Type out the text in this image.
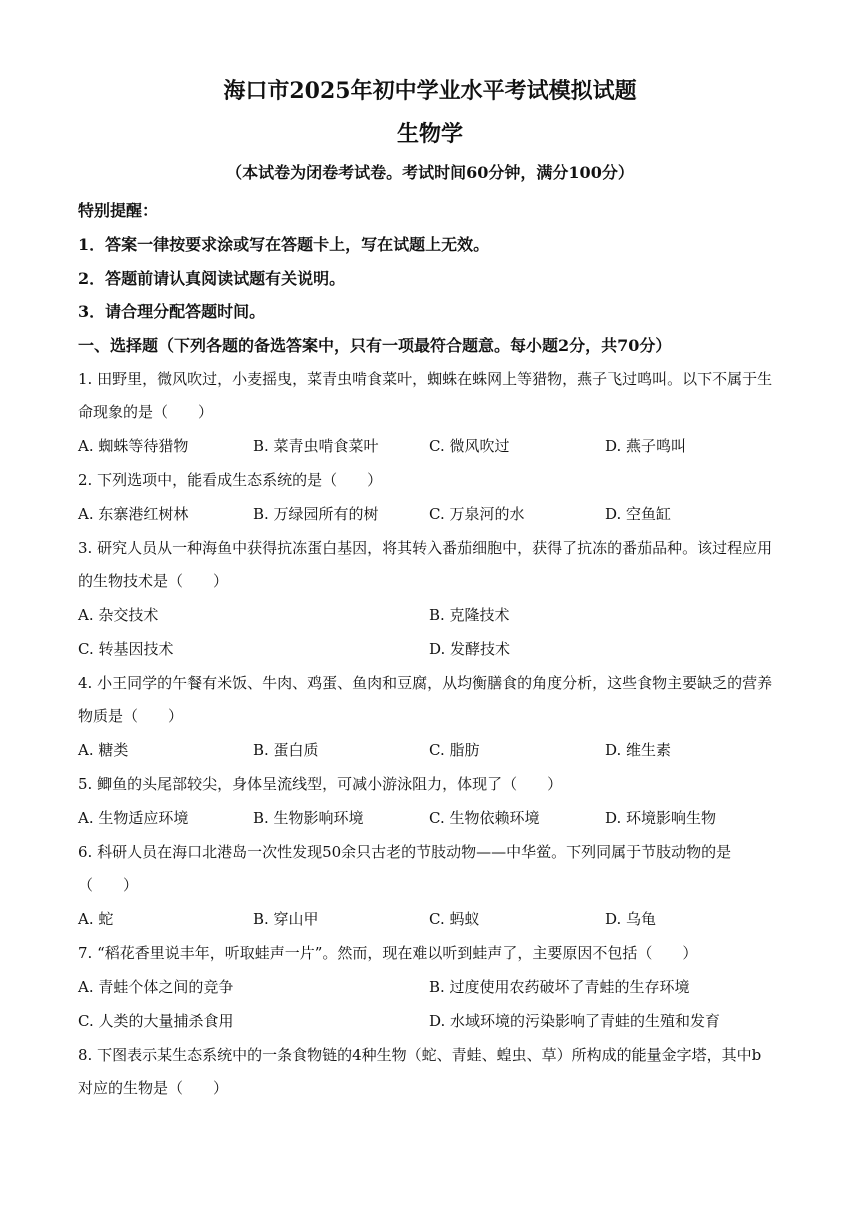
海口市2025年初中学业水平考试模拟试题
生物学
（本试卷为闭卷考试卷。考试时间60分钟，满分100分）
特别提醒：
1．答案一律按要求涂或写在答题卡上，写在试题上无效。
2．答题前请认真阅读试题有关说明。
3．请合理分配答题时间。
一、选择题（下列各题的备选答案中，只有一项最符合题意。每小题2分，共70分）
1. 田野里，微风吹过，小麦摇曳，菜青虫啃食菜叶，蜘蛛在蛛网上等猎物，燕子飞过鸣叫。以下不属于生
命现象的是（　　）
A. 蜘蛛等待猎物	B. 菜青虫啃食菜叶	C. 微风吹过	D. 燕子鸣叫
2. 下列选项中，能看成生态系统的是（　　）
A. 东寨港红树林	B. 万绿园所有的树	C. 万泉河的水	D. 空鱼缸
3. 研究人员从一种海鱼中获得抗冻蛋白基因，将其转入番茄细胞中，获得了抗冻的番茄品种。该过程应用
的生物技术是（　　）
A. 杂交技术	B. 克隆技术
C. 转基因技术	D. 发酵技术
4. 小王同学的午餐有米饭、牛肉、鸡蛋、鱼肉和豆腐，从均衡膳食的角度分析，这些食物主要缺乏的营养
物质是（　　）
A. 糖类	B. 蛋白质	C. 脂肪	D. 维生素
5. 鲫鱼的头尾部较尖，身体呈流线型，可减小游泳阻力，体现了（　　）
A. 生物适应环境	B. 生物影响环境	C. 生物依赖环境	D. 环境影响生物
6. 科研人员在海口北港岛一次性发现50余只古老的节肢动物——中华鲎。下列同属于节肢动物的是
（　　）
A. 蛇	B. 穿山甲	C. 蚂蚁	D. 乌龟
7. “稻花香里说丰年，听取蛙声一片”。然而，现在难以听到蛙声了，主要原因不包括（　　）
A. 青蛙个体之间的竞争	B. 过度使用农药破坏了青蛙的生存环境
C. 人类的大量捕杀食用	D. 水域环境的污染影响了青蛙的生殖和发育
8. 下图表示某生态系统中的一条食物链的4种生物（蛇、青蛙、蝗虫、草）所构成的能量金字塔，其中b
对应的生物是（　　）
